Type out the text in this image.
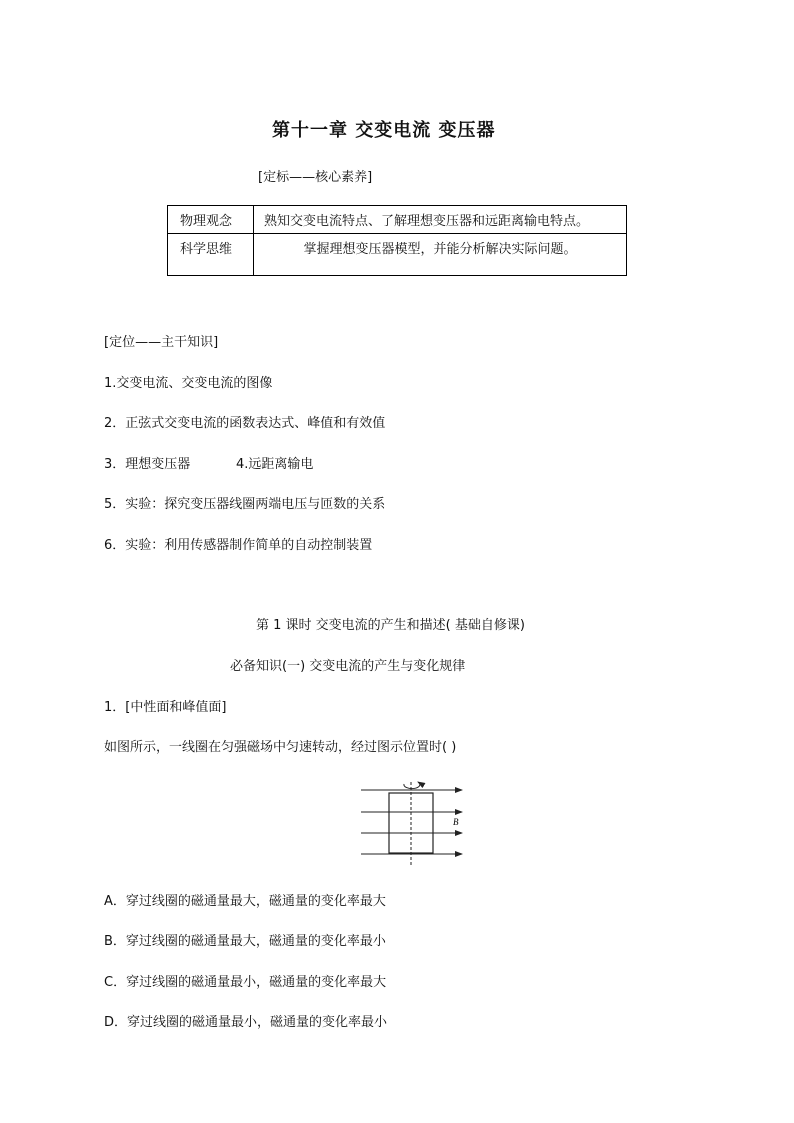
第十一章 交变电流 变压器
[定标——核心素养]
物理观念	熟知交变电流特点、了解理想变压器和远距离输电特点。
科学思维	掌握理想变压器模型，并能分析解决实际问题。
[定位——主干知识]
1.交变电流、交变电流的图像
2．正弦式交变电流的函数表达式、峰值和有效值
3．理想变压器	4.远距离输电
5．实验：探究变压器线圈两端电压与匝数的关系
6．实验：利用传感器制作简单的自动控制装置
第 1 课时 交变电流的产生和描述( 基础自修课)
必备知识(一) 交变电流的产生与变化规律
1．[中性面和峰值面]
如图所示，一线圈在匀强磁场中匀速转动，经过图示位置时( )
B
A．穿过线圈的磁通量最大，磁通量的变化率最大
B．穿过线圈的磁通量最大，磁通量的变化率最小
C．穿过线圈的磁通量最小，磁通量的变化率最大
D．穿过线圈的磁通量最小，磁通量的变化率最小
